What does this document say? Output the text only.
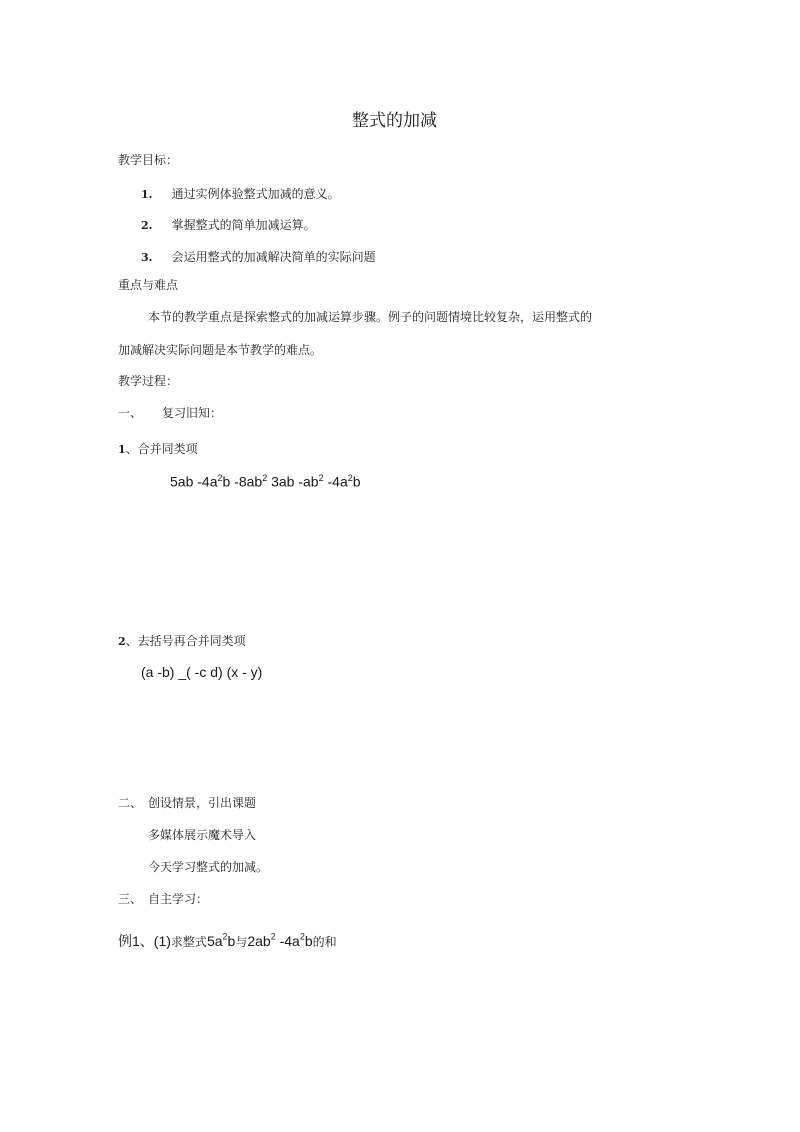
整式的加减
教学目标：
1. 通过实例体验整式加减的意义。
2. 掌握整式的简单加减运算。
3. 会运用整式的加减解决简单的实际问题
重点与难点
本节的教学重点是探索整式的加减运算步骤。例子的问题情境比较复杂，运用整式的
加减解决实际问题是本节教学的难点。
教学过程：
一、 复习旧知：
1、合并同类项
5ab $-4a^2b$ $-8ab^2$ 3ab $-ab^2$ $-4a^2b$
2、去括号再合并同类项
(a -b) _( -c d) (x - y)
二、 创设情景，引出课题
多媒体展示魔术导入
今天学习整式的加减。
三、 自主学习：
例1、(1)求整式$5a^2b$与$2ab^2$ $-4a^2b$的和
